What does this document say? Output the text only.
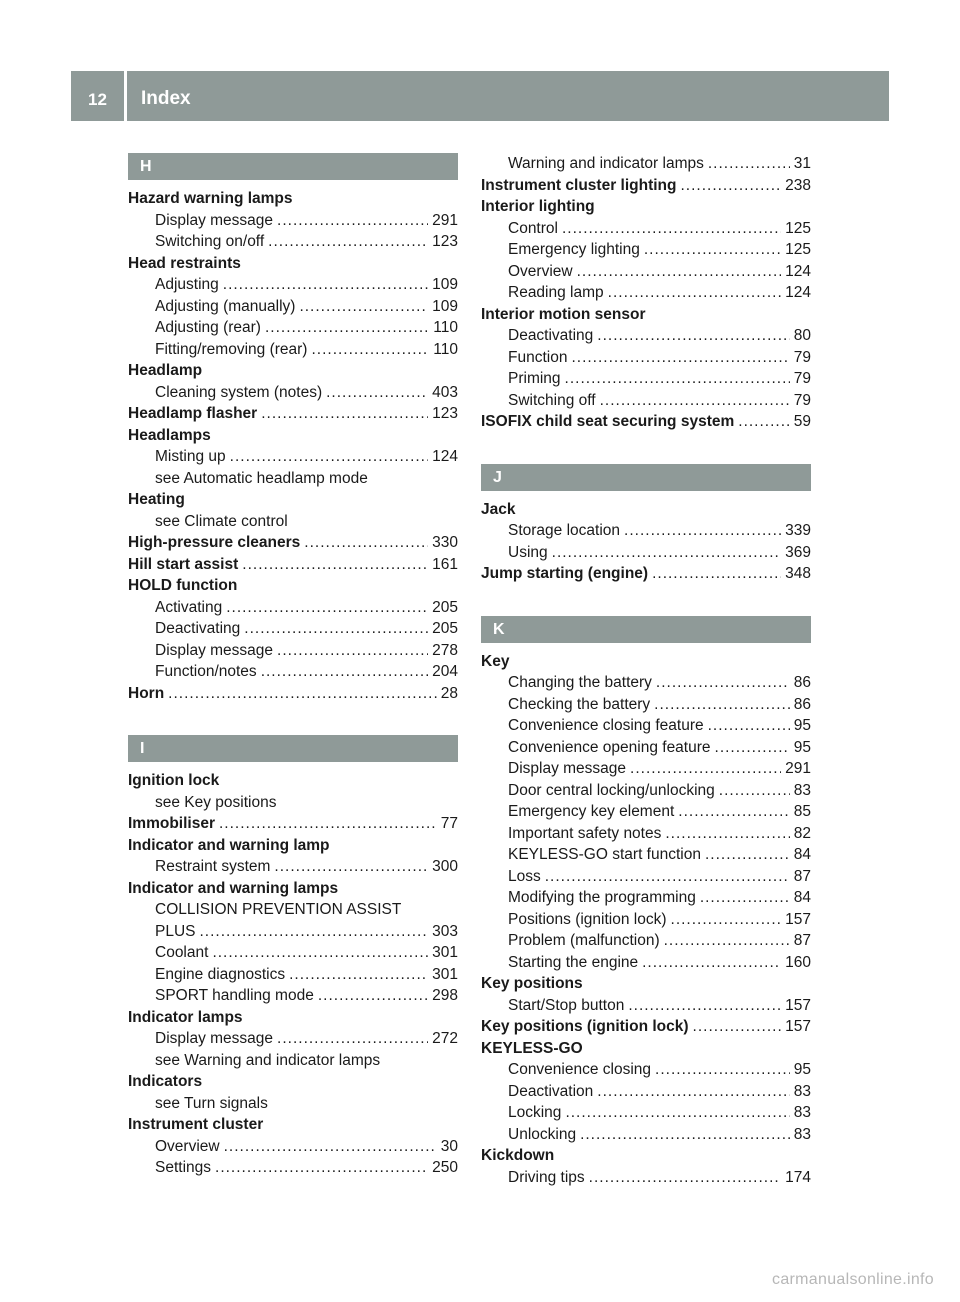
12	Index
H
Hazard warning lamps
Display message .....	291
Switching on/off .....	123
Head restraints
Adjusting .....	109
Adjusting (manually) .....	109
Adjusting (rear) .....	110
Fitting/removing (rear) .....	110
Headlamp
Cleaning system (notes) .....	403
Headlamp flasher .....	123
Headlamps
Misting up .....	124
see Automatic headlamp mode
Heating
see Climate control
High-pressure cleaners .....	330
Hill start assist .....	161
HOLD function
Activating .....	205
Deactivating .....	205
Display message .....	278
Function/notes .....	204
Horn .....	28
I
Ignition lock
see Key positions
Immobiliser .....	77
Indicator and warning lamp
Restraint system .....	300
Indicator and warning lamps
COLLISION PREVENTION ASSIST
PLUS .....	303
Coolant .....	301
Engine diagnostics .....	301
SPORT handling mode .....	298
Indicator lamps
Display message .....	272
see Warning and indicator lamps
Indicators
see Turn signals
Instrument cluster
Overview .....	30
Settings .....	250
Warning and indicator lamps .....	31
Instrument cluster lighting .....	238
Interior lighting
Control .....	125
Emergency lighting .....	125
Overview .....	124
Reading lamp .....	124
Interior motion sensor
Deactivating .....	80
Function .....	79
Priming .....	79
Switching off .....	79
ISOFIX child seat securing system .....	59
J
Jack
Storage location .....	339
Using .....	369
Jump starting (engine) .....	348
K
Key
Changing the battery .....	86
Checking the battery .....	86
Convenience closing feature .....	95
Convenience opening feature .....	95
Display message .....	291
Door central locking/unlocking .....	83
Emergency key element .....	85
Important safety notes .....	82
KEYLESS-GO start function .....	84
Loss .....	87
Modifying the programming .....	84
Positions (ignition lock) .....	157
Problem (malfunction) .....	87
Starting the engine .....	160
Key positions
Start/Stop button .....	157
Key positions (ignition lock) .....	157
KEYLESS-GO
Convenience closing .....	95
Deactivation .....	83
Locking .....	83
Unlocking .....	83
Kickdown
Driving tips .....	174
carmanualsonline.info
